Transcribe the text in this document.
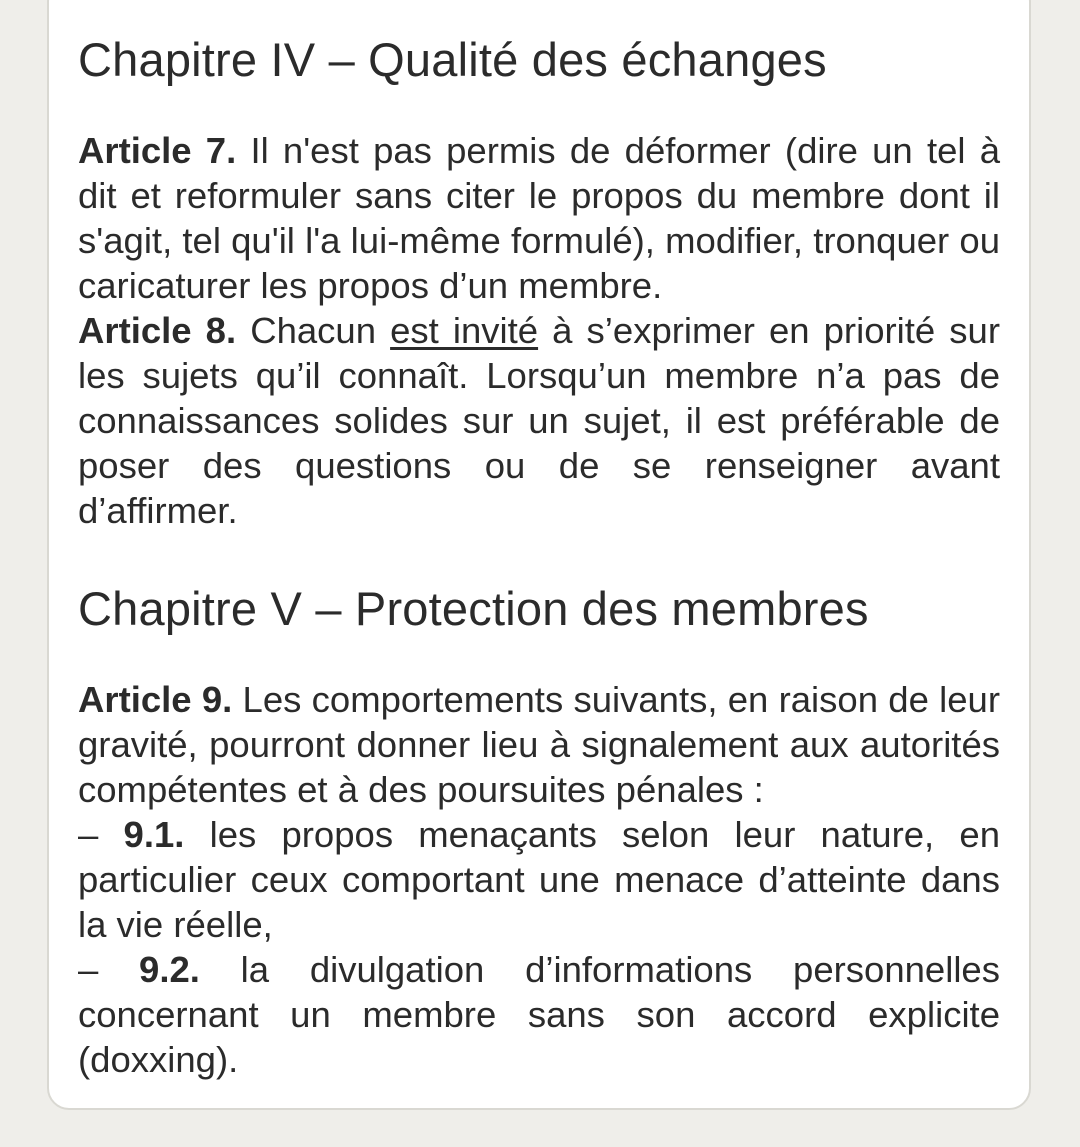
Chapitre IV – Qualité des échanges

Article 7. Il n'est pas permis de déformer (dire un tel à dit et reformuler sans citer le propos du membre dont il s'agit, tel qu'il l'a lui-même formulé), modifier, tronquer ou caricaturer les propos d’un membre.

Article 8. Chacun est invité à s’exprimer en priorité sur les sujets qu’il connaît. Lorsqu’un membre n’a pas de connaissances solides sur un sujet, il est préférable de poser des questions ou de se renseigner avant d’affirmer.

Chapitre V – Protection des membres

Article 9. Les comportements suivants, en raison de leur gravité, pourront donner lieu à signalement aux autorités compétentes et à des poursuites pénales :

– 9.1. les propos menaçants selon leur nature, en particulier ceux comportant une menace d’atteinte dans la vie réelle,

– 9.2. la divulgation d’informations personnelles concernant un membre sans son accord explicite (doxxing).
